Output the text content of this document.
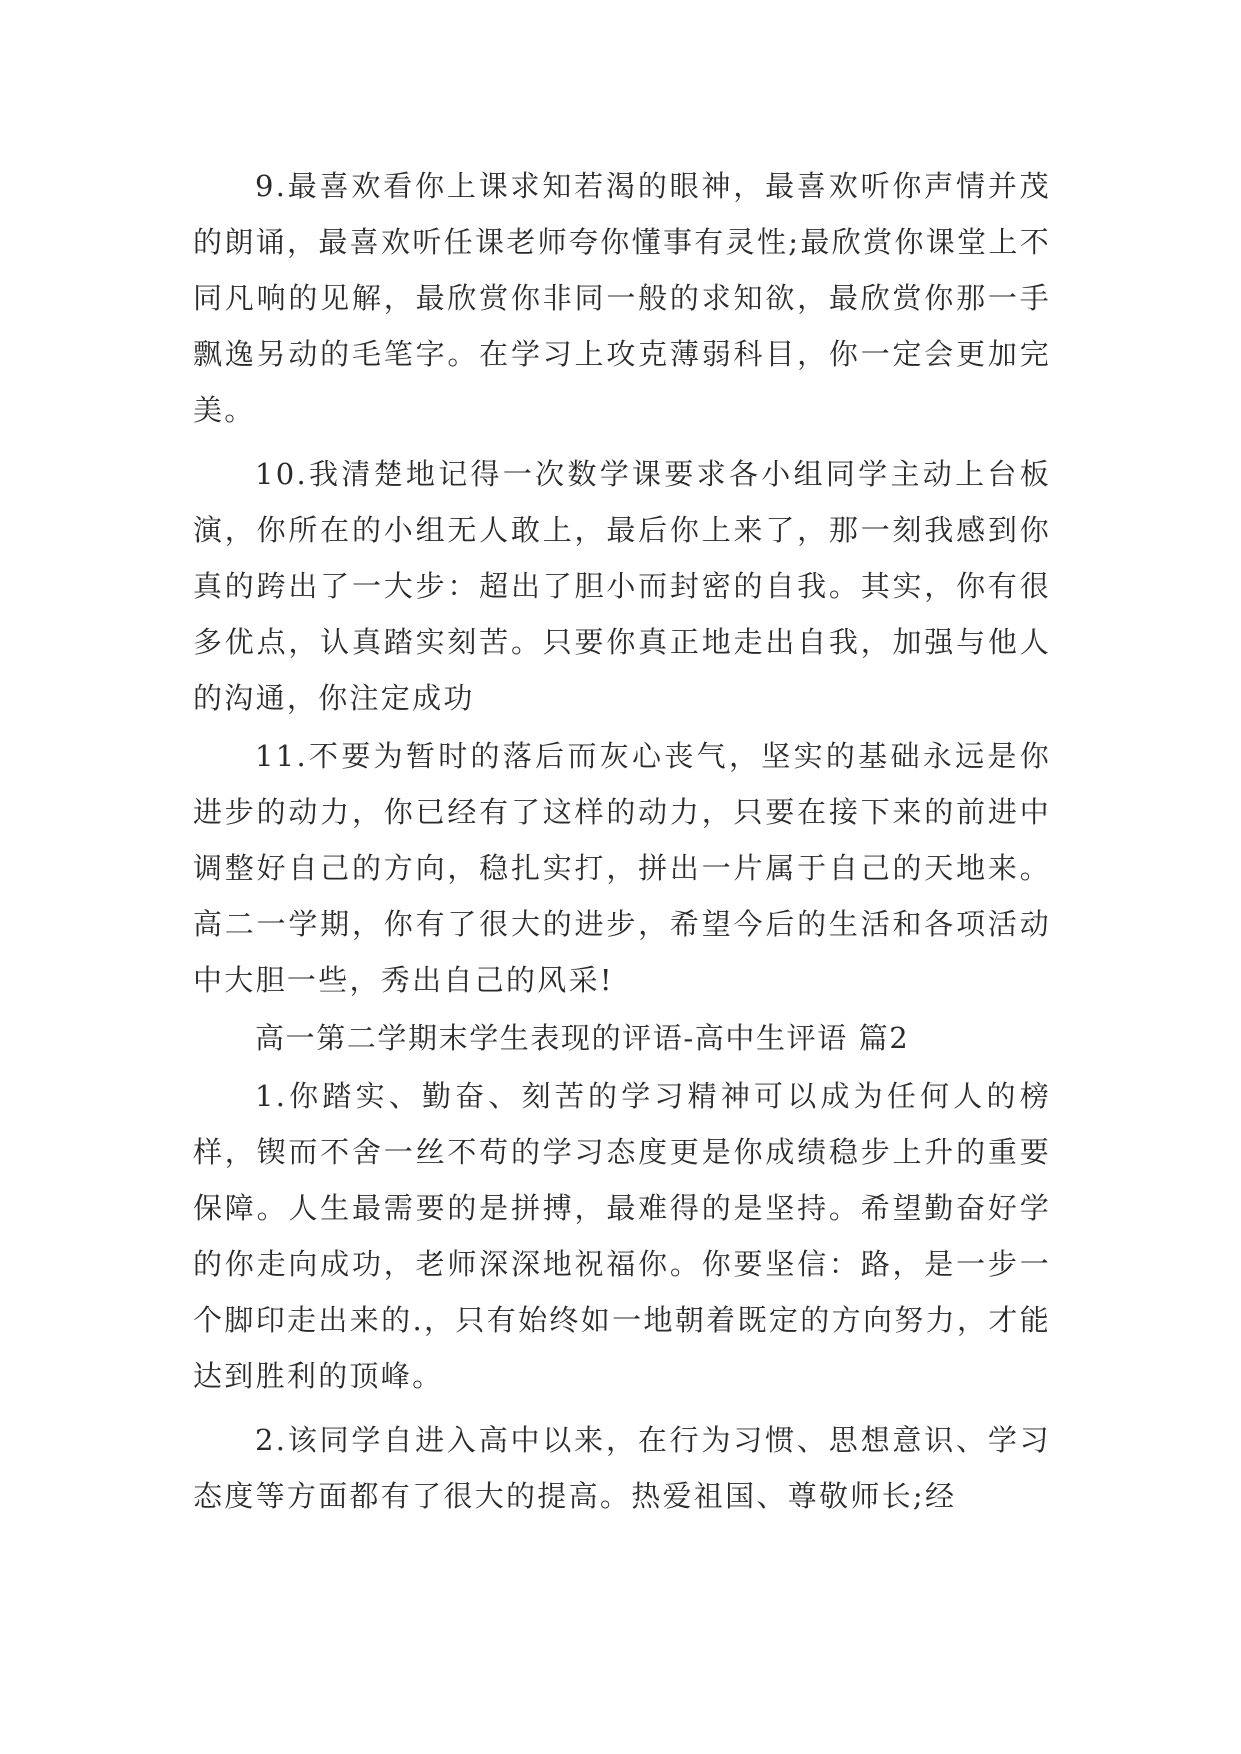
9.最喜欢看你上课求知若渴的眼神，最喜欢听你声情并茂的朗诵，最喜欢听任课老师夸你懂事有灵性;最欣赏你课堂上不同凡响的见解，最欣赏你非同一般的求知欲，最欣赏你那一手飘逸另动的毛笔字。在学习上攻克薄弱科目，你一定会更加完美。

10.我清楚地记得一次数学课要求各小组同学主动上台板演，你所在的小组无人敢上，最后你上来了，那一刻我感到你真的跨出了一大步：超出了胆小而封密的自我。其实，你有很多优点，认真踏实刻苦。只要你真正地走出自我，加强与他人的沟通，你注定成功

11.不要为暂时的落后而灰心丧气，坚实的基础永远是你进步的动力，你已经有了这样的动力，只要在接下来的前进中调整好自己的方向，稳扎实打，拼出一片属于自己的天地来。高二一学期，你有了很大的进步，希望今后的生活和各项活动中大胆一些，秀出自己的风采!

高一第二学期末学生表现的评语-高中生评语 篇2

1.你踏实、勤奋、刻苦的学习精神可以成为任何人的榜样，锲而不舍一丝不苟的学习态度更是你成绩稳步上升的重要保障。人生最需要的是拼搏，最难得的是坚持。希望勤奋好学的你走向成功，老师深深地祝福你。你要坚信：路，是一步一个脚印走出来的.，只有始终如一地朝着既定的方向努力，才能达到胜利的顶峰。

2.该同学自进入高中以来，在行为习惯、思想意识、学习态度等方面都有了很大的提高。热爱祖国、尊敬师长;经
